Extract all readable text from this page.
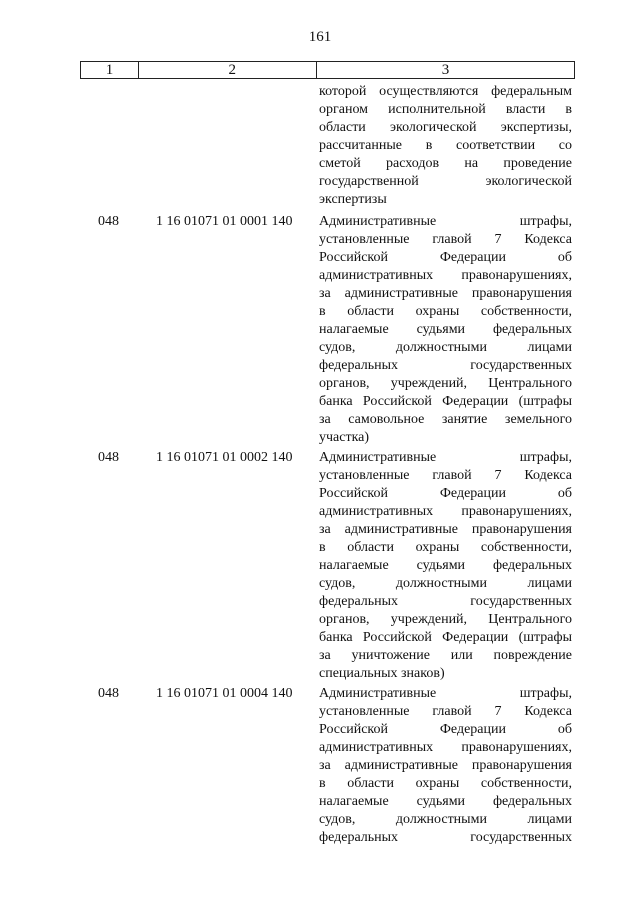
161
1	2	3
которой осуществляются федеральным
органом исполнительной власти в
области экологической экспертизы,
рассчитанные в соответствии со
сметой расходов на проведение
государственной экологической
экспертизы
048	1 16 01071 01 0001 140 Административные штрафы,
установленные главой 7 Кодекса
Российской Федерации об
административных правонарушениях,
за административные правонарушения
в области охраны собственности,
налагаемые судьями федеральных
судов, должностными лицами
федеральных государственных
органов, учреждений, Центрального
банка Российской Федерации (штрафы
за самовольное занятие земельного
участка)
048	1 16 01071 01 0002 140 Административные штрафы,
установленные главой 7 Кодекса
Российской Федерации об
административных правонарушениях,
за административные правонарушения
в области охраны собственности,
налагаемые судьями федеральных
судов, должностными лицами
федеральных государственных
органов, учреждений, Центрального
банка Российской Федерации (штрафы
за уничтожение или повреждение
специальных знаков)
048	1 16 01071 01 0004 140 Административные штрафы,
установленные главой 7 Кодекса
Российской Федерации об
административных правонарушениях,
за административные правонарушения
в области охраны собственности,
налагаемые судьями федеральных
судов, должностными лицами
федеральных государственных
